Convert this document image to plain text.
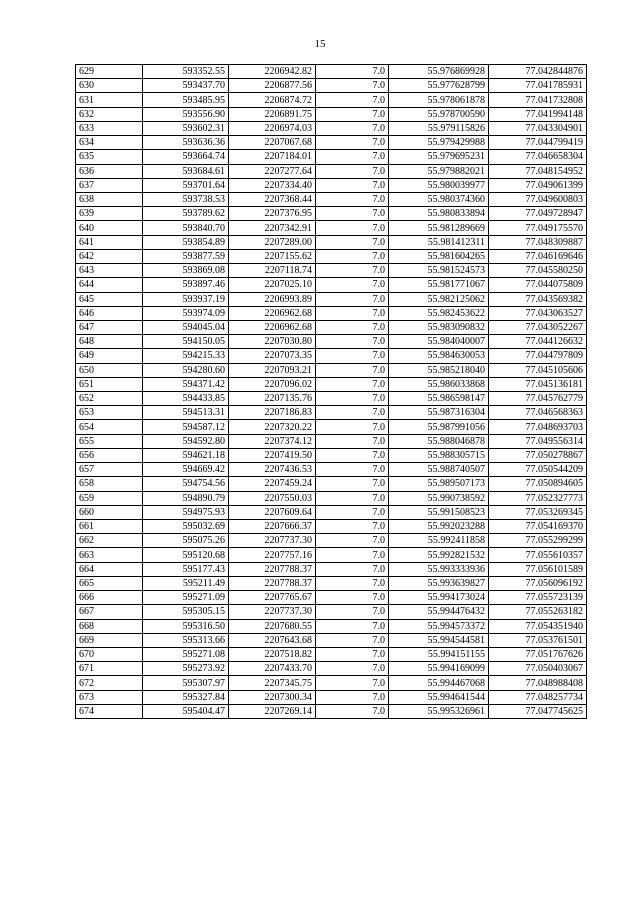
15
629	593352.55	2206942.82	7.0	55.976869928	77.042844876
630	593437.70	2206877.56	7.0	55.977628799	77.041785931
631	593485.95	2206874.72	7.0	55.978061878	77.041732808
632	593556.90	2206891.75	7.0	55.978700590	77.041994148
633	593602.31	2206974.03	7.0	55.979115826	77.043304901
634	593636.36	2207067.68	7.0	55.979429988	77.044799419
635	593664.74	2207184.01	7.0	55.979695231	77.046658304
636	593684.61	2207277.64	7.0	55.979882021	77.048154952
637	593701.64	2207334.40	7.0	55.980039977	77.049061399
638	593738.53	2207368.44	7.0	55.980374360	77.049600803
639	593789.62	2207376.95	7.0	55.980833894	77.049728947
640	593840.70	2207342.91	7.0	55.981289669	77.049175570
641	593854.89	2207289.00	7.0	55.981412311	77.048309887
642	593877.59	2207155.62	7.0	55.981604265	77.046169646
643	593869.08	2207118.74	7.0	55.981524573	77.045580250
644	593897.46	2207025.10	7.0	55.981771067	77.044075809
645	593937.19	2206993.89	7.0	55.982125062	77.043569382
646	593974.09	2206962.68	7.0	55.982453622	77.043063527
647	594045.04	2206962.68	7.0	55.983090832	77.043052267
648	594150.05	2207030.80	7.0	55.984040007	77.044126632
649	594215.33	2207073.35	7.0	55.984630053	77.044797809
650	594280.60	2207093.21	7.0	55.985218040	77.045105606
651	594371.42	2207096.02	7.0	55.986033868	77.045136181
652	594433.85	2207135.76	7.0	55.986598147	77.045762779
653	594513.31	2207186.83	7.0	55.987316304	77.046568363
654	594587.12	2207320.22	7.0	55.987991056	77.048693703
655	594592.80	2207374.12	7.0	55.988046878	77.049556314
656	594621.18	2207419.50	7.0	55.988305715	77.050278867
657	594669.42	2207436.53	7.0	55.988740507	77.050544209
658	594754.56	2207459.24	7.0	55.989507173	77.050894605
659	594890.79	2207550.03	7.0	55.990738592	77.052327773
660	594975.93	2207609.64	7.0	55.991508523	77.053269345
661	595032.69	2207666.37	7.0	55.992023288	77.054169370
662	595075.26	2207737.30	7.0	55.992411858	77.055299299
663	595120.68	2207757.16	7.0	55.992821532	77.055610357
664	595177.43	2207788.37	7.0	55.993333936	77.056101589
665	595211.49	2207788.37	7.0	55.993639827	77.056096192
666	595271.09	2207765.67	7.0	55.994173024	77.055723139
667	595305.15	2207737.30	7.0	55.994476432	77.055263182
668	595316.50	2207680.55	7.0	55.994573372	77.054351940
669	595313.66	2207643.68	7.0	55.994544581	77.053761501
670	595271.08	2207518.82	7.0	55.994151155	77.051767626
671	595273.92	2207433.70	7.0	55.994169099	77.050403067
672	595307.97	2207345.75	7.0	55.994467068	77.048988408
673	595327.84	2207300.34	7.0	55.994641544	77.048257734
674	595404.47	2207269.14	7.0	55.995326961	77.047745625
